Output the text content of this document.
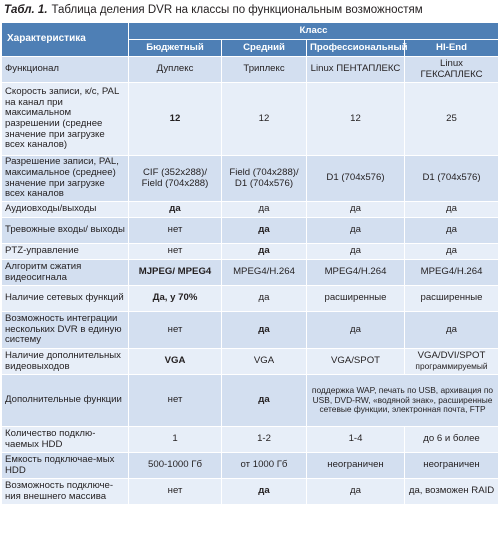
Табл. 1. Таблица деления DVR на классы по функциональным возможностям
Характеристика	Класс			
	Бюджетный	Средний	Профессиональный	HI-End
Функционал	Дуплекс	Триплекс	Linux ПЕНТАПЛЕКС	Linux ГЕКСАПЛЕКС
Скорость записи, к/с, PAL на канал при максимальном разрешении (среднее значение при загрузке всех каналов)	12	12	12	25
Разрешение записи, PAL, максимальное (среднее) значение при загрузке всех каналов	CIF (352x288)/ Field (704x288)	Field (704x288)/ D1 (704x576)	D1 (704x576)	D1 (704x576)
Аудиовходы/выходы	да	да	да	да
Тревожные входы/ выходы	нет	да	да	да
PTZ-управление	нет	да	да	да
Алгоритм сжатия видеосигнала	MJPEG/ MPEG4	MPEG4/H.264	MPEG4/H.264	MPEG4/H.264
Наличие сетевых функций	Да, у 70%	да	расширенные	расширенные
Возможность интеграции нескольких DVR в единую систему	нет	да	да	да
Наличие дополнительных видеовыходов	VGA	VGA	VGA/SPOT	VGA/DVI/SPOT
программируемый

Дополнительные функции	нет	да	поддержка WAP, печать по USB, архивация по USB, DVD-RW, «водяной знак», расширенные сетевые функции, электронная почта, FTP	
Количество подклю-чаемых HDD	1	1-2	1-4	до 6 и более
Емкость подключае-мых HDD	500-1000 Гб	от 1000 Гб	неограничен	неограничен
Возможность подключе-ния внешнего массива	нет	да	да	да, возможен RAID
